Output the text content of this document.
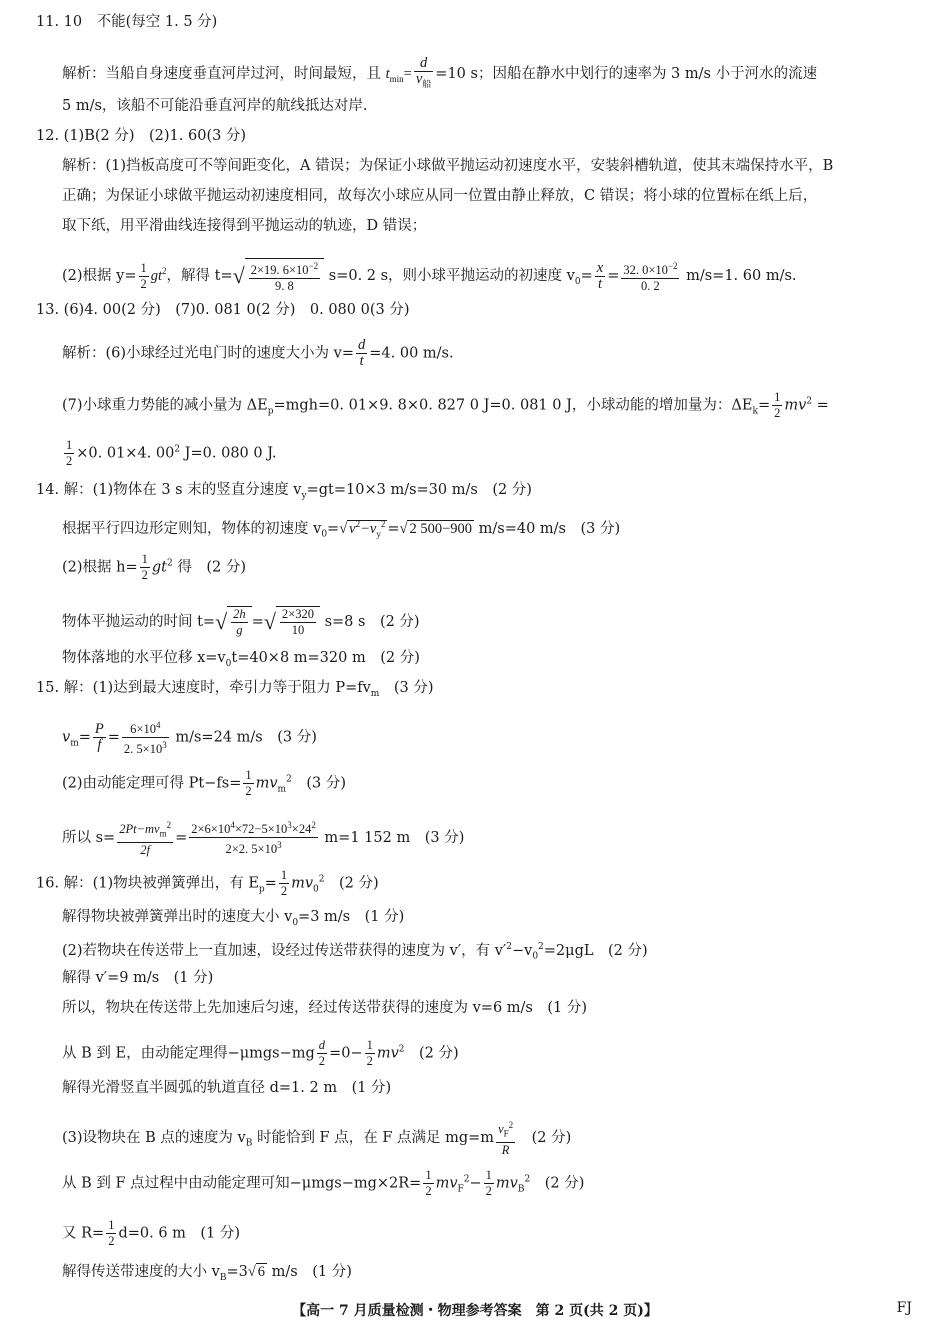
11. 10　不能(每空 1. 5 分)
解析：当船自身速度垂直河岸过河，时间最短，且 $t_{min}= \frac{d}{v_船} =10$ s；因船在静水中划行的速率为 3 m/s 小于河水的流速
5 m/s，该船不可能沿垂直河岸的航线抵达对岸.
12. (1)B(2 分)　(2)1. 60(3 分)
解析：(1)挡板高度可不等间距变化，A 错误；为保证小球做平抛运动初速度水平，安装斜槽轨道，使其末端保持水平，B
正确；为保证小球做平抛运动初速度相同，故每次小球应从同一位置由静止释放，C 错误；将小球的位置标在纸上后，
取下纸，用平滑曲线连接得到平抛运动的轨迹，D 错误；
(2)根据 $y= \frac{1}{2} gt^2$，解得 $t=√ \frac{2\times 19. 6\times 10^{-2}}{9. 8} s=0$. 2 s，则小球平抛运动的初速度 $v_0= \frac{x}{t} = \frac{32. 0\times 10^{-2}}{0. 2} m/s=1$. 60 m/s.
13. (6)4. 00(2 分)　(7)0. 081 0(2 分)　0. 080 0(3 分)
解析：(6)小球经过光电门时的速度大小为 $v= \frac{d}{t} =4$. 00 m/s.
(7)小球重力势能的减小量为 $\Delta E_p=mgh=0$. 01×9. 8×0. 827 0 J=0. 081 0 J，小球动能的增加量为：$\Delta E_k= \frac{1}{2} mv^2$ =
$\frac{1}{2} \times 0$. 01×4. $00^2$ J=0. 080 0 J.
14. 解：(1)物体在 3 s 末的竖直分速度 $v_y=gt=10\times 3$ m/s=30 m/s　(2 分)
根据平行四边形定则知，物体的初速度 $v_0=√$ $v^2-v_y^2$ =√ 2 500−900 m/s=40 m/s　(3 分)
(2)根据 $h= \frac{1}{2} gt^2$ 得　(2 分)
物体平抛运动的时间 $t=√ \frac{2h}{g}$ =√ $\frac{2\times 320}{10} s=8$ s　(2 分)
物体落地的水平位移 $x=v_0t=40\times 8$ m=320 m　(2 分)
15. 解：(1)达到最大速度时，牵引力等于阻力 $P=fv_m$　(3 分)
$v_m= \frac{P}{f} = \frac{6\times 10^4}{2. 5\times 10^3} m/s=24$ m/s　(3 分)
(2)由动能定理可得 $Pt-fs= \frac{1}{2} mv_m^2$　(3 分)
所以 $s= \frac{2Pt-mv_m^2}{2f} = \frac{2\times 6\times 10^4\times 72-5\times 10^3\times 24^2}{2\times 2. 5\times 10^3} m=1$ 152 m　(3 分)
16. 解：(1)物块被弹簧弹出，有 $E_p= \frac{1}{2} mv_0^2$　(2 分)
解得物块被弹簧弹出时的速度大小 $v_0=3$ m/s　(1 分)
(2)若物块在传送带上一直加速，设经过传送带获得的速度为 v′，有 $v'^2-v_0^2=2\mu gL$　(2 分)
解得 v′=9 m/s　(1 分)
所以，物块在传送带上先加速后匀速，经过传送带获得的速度为 v=6 m/s　(1 分)
从 B 到 E，由动能定理得$-\mu mgs-mg \frac{d}{2} =0- \frac{1}{2} mv^2$　(2 分)
解得光滑竖直半圆弧的轨道直径 d=1. 2 m　(1 分)
(3)设物块在 B 点的速度为 $v_B$ 时能恰到 F 点，在 F 点满足 $mg=m \frac{v_F^2}{R}$ 　(2 分)
从 B 到 F 点过程中由动能定理可知$-\mu mgs-mg\times 2R= \frac{1}{2} mv_F^2- \frac{1}{2} mv_B^2$　(2 分)
又 $R= \frac{1}{2} d=0$. 6 m　(1 分)
解得传送带速度的大小 $v_B=3√$ 6 m/s　(1 分)
【高一 7 月质量检测・物理参考答案　第 2 页(共 2 页)】	FJ
